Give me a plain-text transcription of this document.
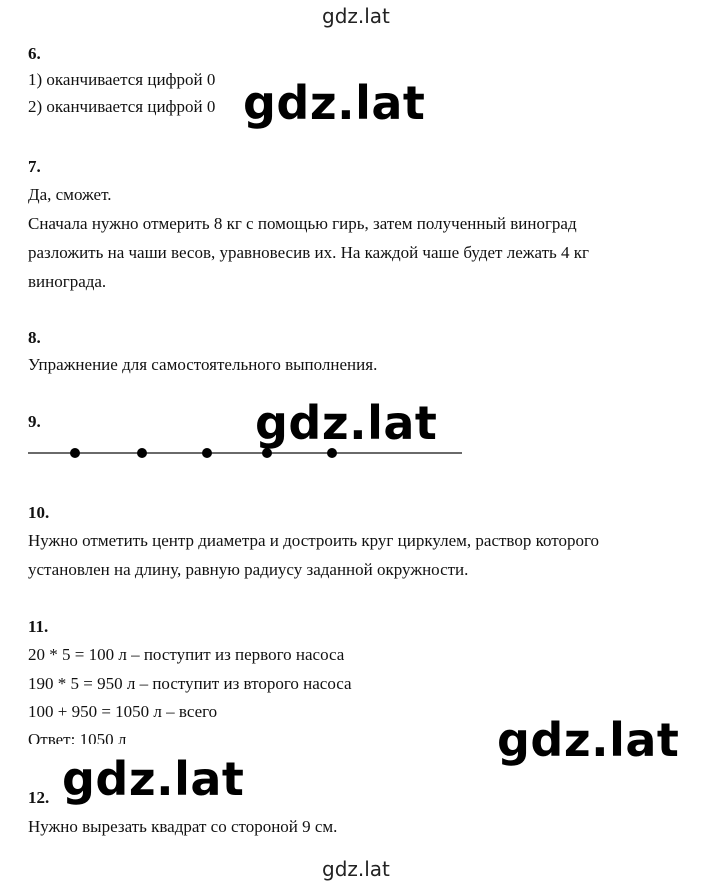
gdz.lat
6.
1) оканчивается цифрой 0
2) оканчивается цифрой 0
7.
Да, сможет.
Сначала нужно отмерить 8 кг с помощью гирь, затем полученный виноград
разложить на чаши весов, уравновесив их. На каждой чаше будет лежать 4 кг
винограда.
8.
Упражнение для самостоятельного выполнения.
9.
10.
Нужно отметить центр диаметра и достроить круг циркулем, раствор которого
установлен на длину, равную радиусу заданной окружности.
11.
20 * 5 = 100 л – поступит из первого насоса
190 * 5 = 950 л – поступит из второго насоса
100 + 950 = 1050 л – всего
Ответ: 1050 л
12.
Нужно вырезать квадрат со стороной 9 см.
gdz.lat
gdz.lat
gdz.lat
gdz.lat
gdz.lat
